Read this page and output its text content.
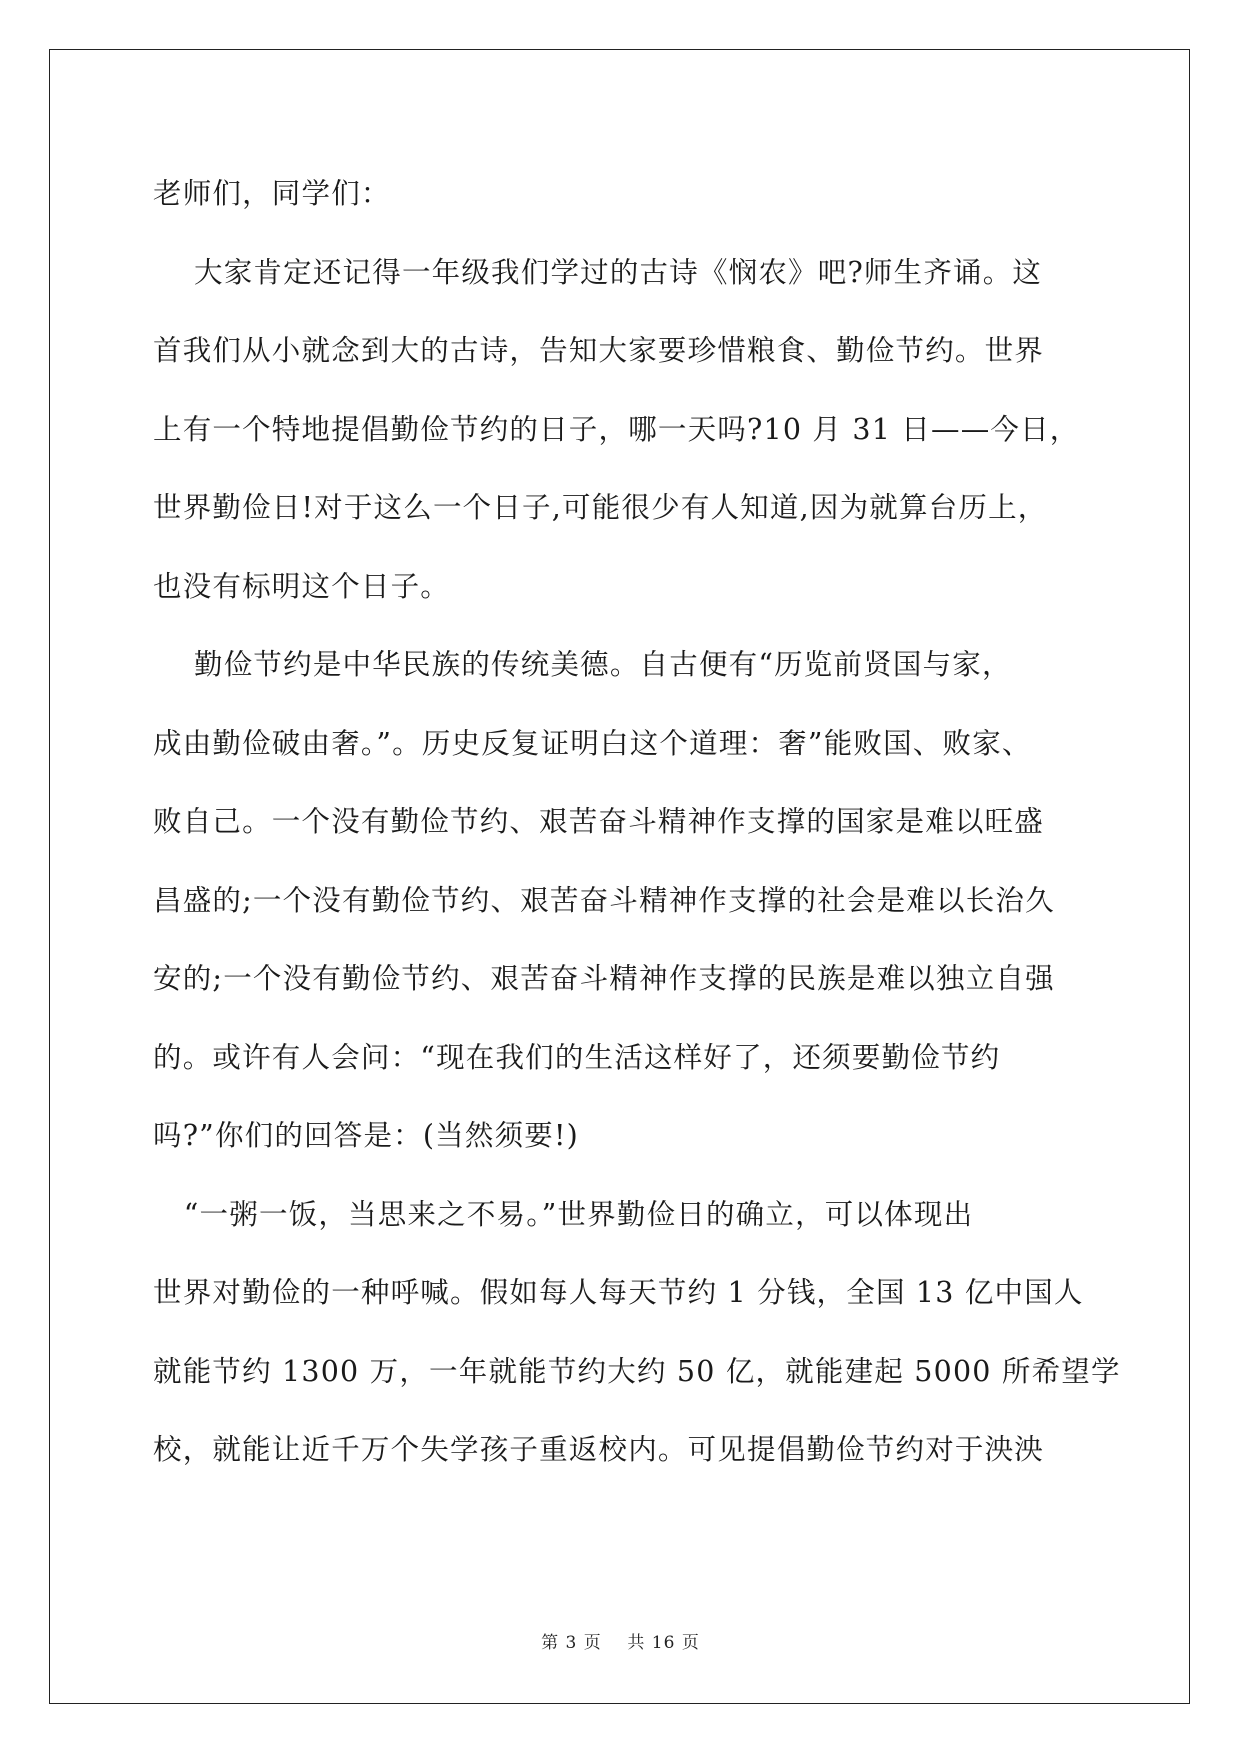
老师们，同学们：
大家肯定还记得一年级我们学过的古诗《悯农》吧?师生齐诵。这
首我们从小就念到大的古诗，告知大家要珍惜粮食、勤俭节约。世界
上有一个特地提倡勤俭节约的日子，哪一天吗?10 月 31 日——今日，
世界勤俭日!对于这么一个日子,可能很少有人知道,因为就算台历上，
也没有标明这个日子。
勤俭节约是中华民族的传统美德。自古便有“历览前贤国与家，
成由勤俭破由奢。”。历史反复证明白这个道理：奢”能败国、败家、
败自己。一个没有勤俭节约、艰苦奋斗精神作支撑的国家是难以旺盛
昌盛的;一个没有勤俭节约、艰苦奋斗精神作支撑的社会是难以长治久
安的;一个没有勤俭节约、艰苦奋斗精神作支撑的民族是难以独立自强
的。或许有人会问：“现在我们的生活这样好了，还须要勤俭节约
吗?”你们的回答是：(当然须要!)
“一粥一饭，当思来之不易。”世界勤俭日的确立，可以体现出
世界对勤俭的一种呼喊。假如每人每天节约 1 分钱，全国 13 亿中国人
就能节约 1300 万，一年就能节约大约 50 亿，就能建起 5000 所希望学
校，就能让近千万个失学孩子重返校内。可见提倡勤俭节约对于泱泱
第 3 页    共 16 页
